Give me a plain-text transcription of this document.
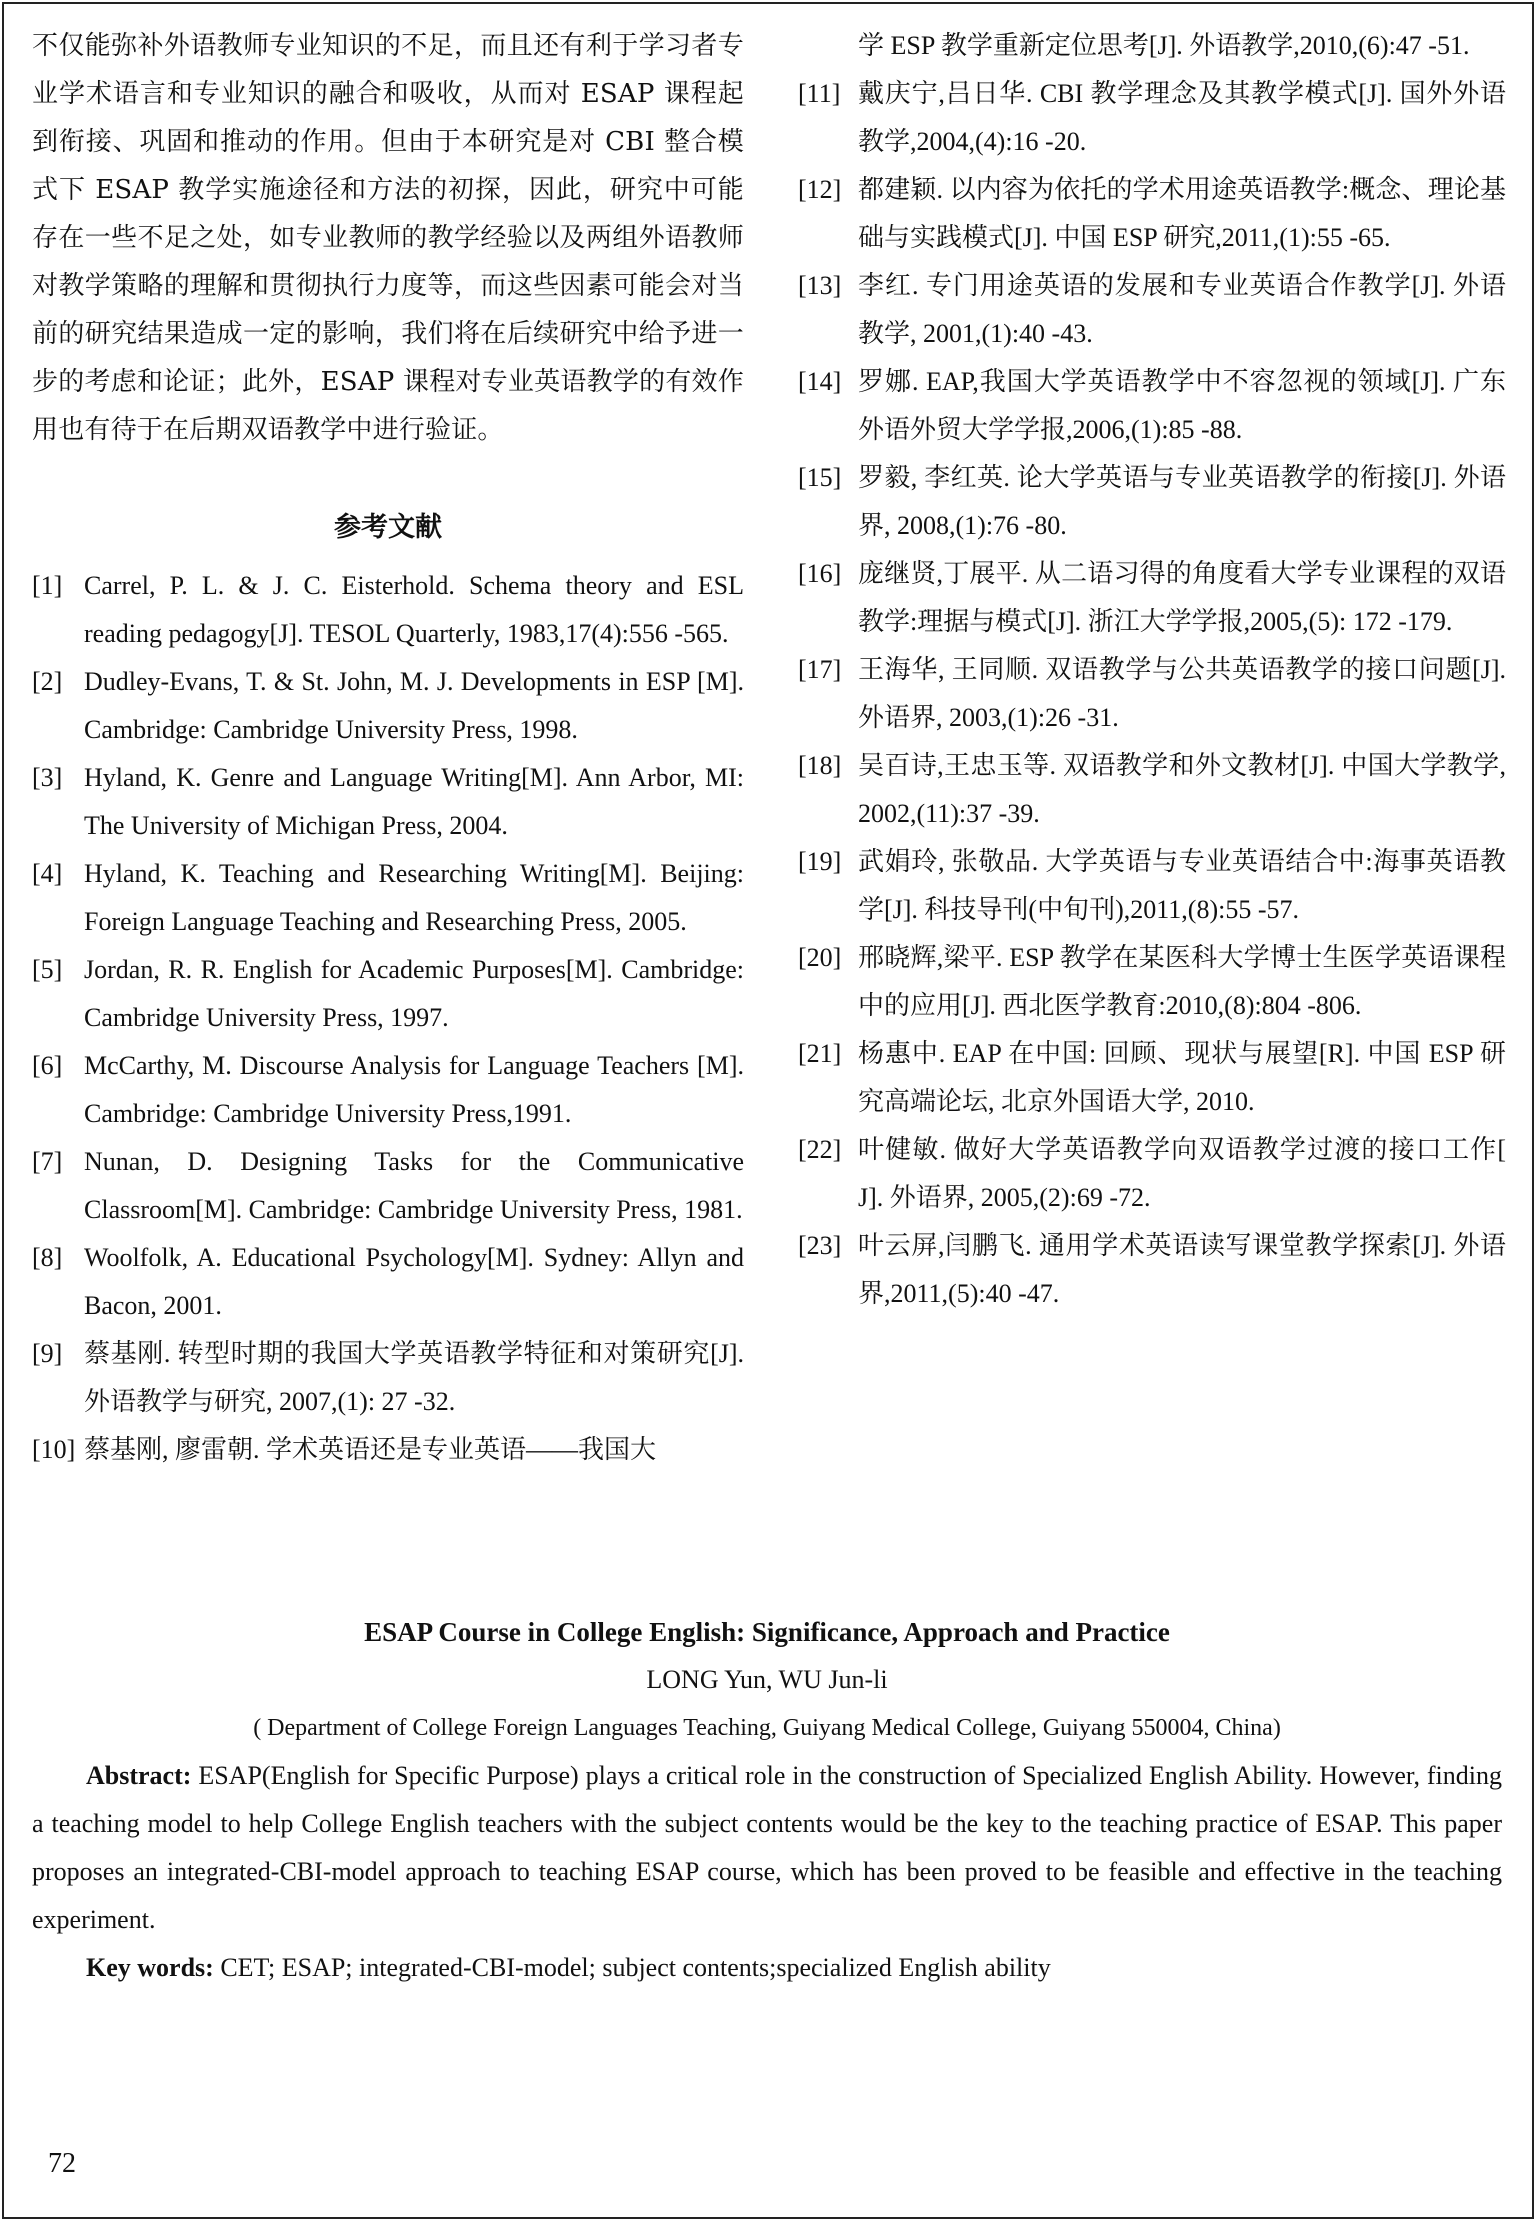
不仅能弥补外语教师专业知识的不足，而且还有利于学习者专业学术语言和专业知识的融合和吸收，从而对 ESAP 课程起到衔接、巩固和推动的作用。但由于本研究是对 CBI 整合模式下 ESAP 教学实施途径和方法的初探，因此，研究中可能存在一些不足之处，如专业教师的教学经验以及两组外语教师对教学策略的理解和贯彻执行力度等，而这些因素可能会对当前的研究结果造成一定的影响，我们将在后续研究中给予进一步的考虑和论证；此外，ESAP 课程对专业英语教学的有效作用也有待于在后期双语教学中进行验证。

参考文献
[1] Carrel, P. L. & J. C. Eisterhold. Schema theory and ESL reading pedagogy[J]. TESOL Quarterly, 1983,17(4):556 -565.
[2] Dudley-Evans, T. & St. John, M. J. Developments in ESP [M]. Cambridge: Cambridge University Press, 1998.
[3] Hyland, K. Genre and Language Writing[M]. Ann Arbor, MI: The University of Michigan Press, 2004.
[4] Hyland, K. Teaching and Researching Writing[M]. Beijing: Foreign Language Teaching and Researching Press, 2005.
[5] Jordan, R. R. English for Academic Purposes[M]. Cambridge: Cambridge University Press, 1997.
[6] McCarthy, M. Discourse Analysis for Language Teachers [M]. Cambridge: Cambridge University Press,1991.
[7] Nunan, D. Designing Tasks for the Communicative Classroom[M]. Cambridge: Cambridge University Press, 1981.
[8] Woolfolk, A. Educational Psychology[M]. Sydney: Allyn and Bacon, 2001.
[9] 蔡基刚. 转型时期的我国大学英语教学特征和对策研究[J]. 外语教学与研究, 2007,(1): 27 -32.
[10] 蔡基刚, 廖雷朝. 学术英语还是专业英语——我国大
学 ESP 教学重新定位思考[J]. 外语教学,2010,(6):47 -51.
[11] 戴庆宁,吕日华. CBI 教学理念及其教学模式[J]. 国外外语教学,2004,(4):16 -20.
[12] 都建颖. 以内容为依托的学术用途英语教学:概念、理论基础与实践模式[J]. 中国 ESP 研究,2011,(1):55 -65.
[13] 李红. 专门用途英语的发展和专业英语合作教学[J]. 外语教学, 2001,(1):40 -43.
[14] 罗娜. EAP,我国大学英语教学中不容忽视的领域[J]. 广东外语外贸大学学报,2006,(1):85 -88.
[15] 罗毅, 李红英. 论大学英语与专业英语教学的衔接[J]. 外语界, 2008,(1):76 -80.
[16] 庞继贤,丁展平. 从二语习得的角度看大学专业课程的双语教学:理据与模式[J]. 浙江大学学报,2005,(5): 172 -179.
[17] 王海华, 王同顺. 双语教学与公共英语教学的接口问题[J]. 外语界, 2003,(1):26 -31.
[18] 吴百诗,王忠玉等. 双语教学和外文教材[J]. 中国大学教学, 2002,(11):37 -39.
[19] 武娟玲, 张敬品. 大学英语与专业英语结合中:海事英语教学[J]. 科技导刊(中旬刊),2011,(8):55 -57.
[20] 邢晓辉,梁平. ESP 教学在某医科大学博士生医学英语课程中的应用[J]. 西北医学教育:2010,(8):804 -806.
[21] 杨惠中. EAP 在中国: 回顾、现状与展望[R]. 中国 ESP 研究高端论坛, 北京外国语大学, 2010.
[22] 叶健敏. 做好大学英语教学向双语教学过渡的接口工作[ J]. 外语界, 2005,(2):69 -72.
[23] 叶云屏,闫鹏飞. 通用学术英语读写课堂教学探索[J]. 外语界,2011,(5):40 -47.

ESAP Course in College English: Significance, Approach and Practice

LONG Yun, WU Jun-li

( Department of College Foreign Languages Teaching, Guiyang Medical College, Guiyang 550004, China)

Abstract: ESAP(English for Specific Purpose) plays a critical role in the construction of Specialized English Ability. However, finding a teaching model to help College English teachers with the subject contents would be the key to the teaching practice of ESAP. This paper proposes an integrated-CBI-model approach to teaching ESAP course, which has been proved to be feasible and effective in the teaching experiment.

Key words: CET; ESAP; integrated-CBI-model; subject contents;specialized English ability

72
